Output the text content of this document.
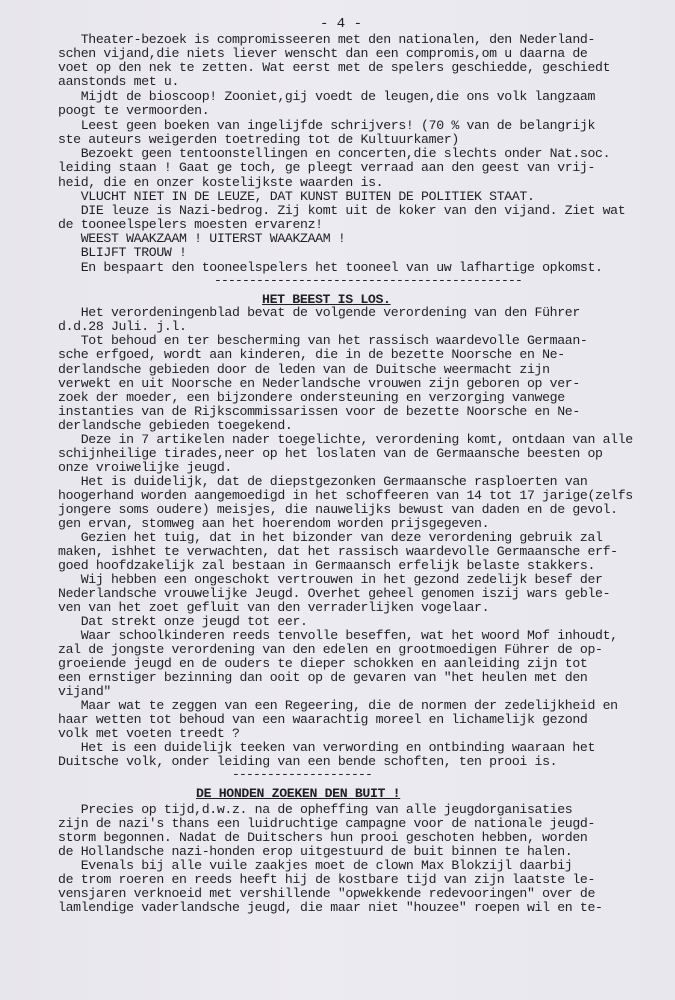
- 4 -
Theater-bezoek is compromisseeren met den nationalen, den Nederland-
schen vijand,die niets liever wenscht dan een compromis,om u daarna de
voet op den nek te zetten. Wat eerst met de spelers geschiedde, geschiedt
aanstonds met u.
Mijdt de bioscoop! Zooniet,gij voedt de leugen,die ons volk langzaam
poogt te vermoorden.
Leest geen boeken van ingelijfde schrijvers! (70 % van de belangrijk
ste auteurs weigerden toetreding tot de Kultuurkamer)
Bezoekt geen tentoonstellingen en concerten,die slechts onder Nat.soc.
leiding staan ! Gaat ge toch, ge pleegt verraad aan den geest van vrij-
heid, die en onzer kostelijkste waarden is.
VLUCHT NIET IN DE LEUZE, DAT KUNST BUITEN DE POLITIEK STAAT.
DIE leuze is Nazi-bedrog. Zij komt uit de koker van den vijand. Ziet wat
de tooneelspelers moesten ervarenz!
WEEST WAAKZAAM ! UITERST WAAKZAAM !
BLIJFT TROUW !
En bespaart den tooneelspelers het tooneel van uw lafhartige opkomst.
--------------------------------------------
HET BEEST IS LOS.
Het verordeningenblad bevat de volgende verordening van den Führer
d.d.28 Juli. j.l.
Tot behoud en ter bescherming van het rassisch waardevolle Germaan-
sche erfgoed, wordt aan kinderen, die in de bezette Noorsche en Ne-
derlandsche gebieden door de leden van de Duitsche weermacht zijn
verwekt en uit Noorsche en Nederlandsche vrouwen zijn geboren op ver-
zoek der moeder, een bijzondere ondersteuning en verzorging vanwege
instanties van de Rijkscommissarissen voor de bezette Noorsche en Ne-
derlandsche gebieden toegekend.
Deze in 7 artikelen nader toegelichte, verordening komt, ontdaan van alle
schijnheilige tirades,neer op het loslaten van de Germaansche beesten op
onze vroiwelijke jeugd.
Het is duidelijk, dat de diepstgezonken Germaansche rasploerten van
hoogerhand worden aangemoedigd in het schoffeeren van 14 tot 17 jarige(zelfs
jongere soms oudere) meisjes, die nauwelijks bewust van daden en de gevol.
gen ervan, stomweg aan het hoerendom worden prijsgegeven.
Gezien het tuig, dat in het bizonder van deze verordening gebruik zal
maken, ishhet te verwachten, dat het rassisch waardevolle Germaansche erf-
goed hoofdzakelijk zal bestaan in Germaansch erfelijk belaste stakkers.
Wij hebben een ongeschokt vertrouwen in het gezond zedelijk besef der
Nederlandsche vrouwelijke Jeugd. Overhet geheel genomen iszij wars geble-
ven van het zoet gefluit van den verraderlijken vogelaar.
Dat strekt onze jeugd tot eer.
Waar schoolkinderen reeds tenvolle beseffen, wat het woord Mof inhoudt,
zal de jongste verordening van den edelen en grootmoedigen Führer de op-
groeiende jeugd en de ouders te dieper schokken en aanleiding zijn tot
een ernstiger bezinning dan ooit op de gevaren van "het heulen met den
vijand"
Maar wat te zeggen van een Regeering, die de normen der zedelijkheid en
haar wetten tot behoud van een waarachtig moreel en lichamelijk gezond
volk met voeten treedt ?
Het is een duidelijk teeken van verwording en ontbinding waaraan het
Duitsche volk, onder leiding van een bende schoften, ten prooi is.
--------------------
DE HONDEN ZOEKEN DEN BUIT !
Precies op tijd,d.w.z. na de opheffing van alle jeugdorganisaties
zijn de nazi's thans een luidruchtige campagne voor de nationale jeugd-
storm begonnen. Nadat de Duitschers hun prooi geschoten hebben, worden
de Hollandsche nazi-honden erop uitgestuurd de buit binnen te halen.
Evenals bij alle vuile zaakjes moet de clown Max Blokzijl daarbij
de trom roeren en reeds heeft hij de kostbare tijd van zijn laatste le-
vensjaren verknoeid met vershillende "opwekkende redevooringen" over de
lamlendige vaderlandsche jeugd, die maar niet "houzee" roepen wil en te-
